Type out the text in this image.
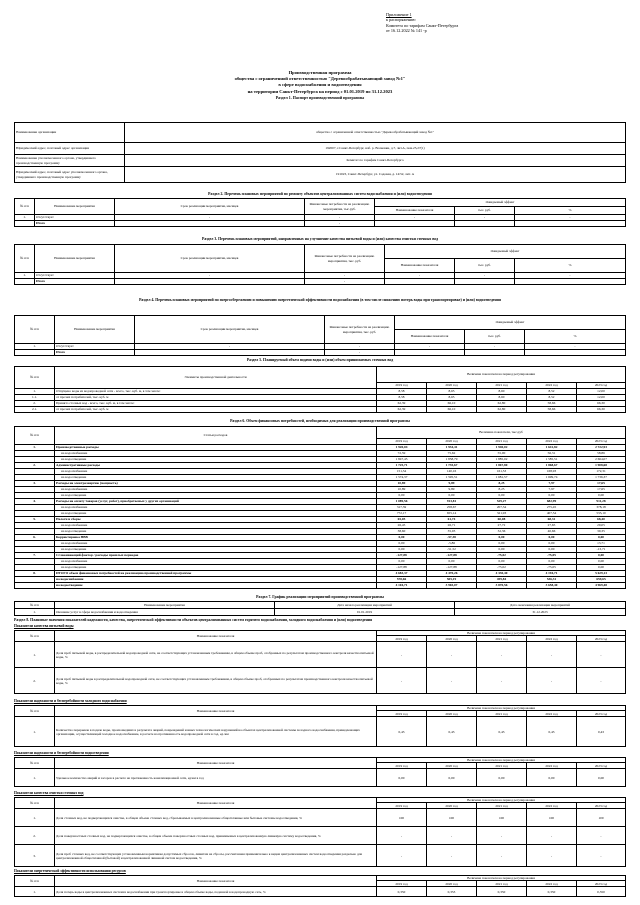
Приложение 1
к распоряжению
Комитета по тарифам Санкт-Петербурга
от 16.12.2022 № 141 -р
Производственная программа
общества с ограниченной ответственностью "Деревообрабатывающий завод №1"
в сфере водоснабжения и водоотведения
на территории Санкт-Петербурга на период с 01.01.2019 по 31.12.2023
Раздел 1. Паспорт производственной программы
Наименование организации	общество с ограниченной ответственностью "Деревообрабатывающий завод №1"
Юридический адрес, почтовый адрес организации	192007, г.Санкт-Петербург, наб. р. Волковки, д.7, лит.А, пом.25,27(1)
Наименование уполномоченного органа, утвердившего производственную программу	Комитет по тарифам Санкт-Петербурга
Юридический адрес, почтовый адрес уполномоченного органа, утвердившего производственную программу	191023, Санкт-Петербург, ул. Садовая, д. 14/52, лит. А
Раздел 2. Перечень плановых мероприятий по ремонту объектов централизованных систем водоснабжения и (или) водоотведения
№ п/п	Наименование мероприятия	Срок реализации мероприятия, месяцев	Финансовые потребности на реализацию мероприятия, тыс.руб.	Ожидаемый эффект		
				Наименование показателя	тыс. руб.	%
1.	Отсутствует	-	-	-	-	-
	Итого		-			
Раздел 3. Перечень плановых мероприятий, направленных на улучшение качества питьевой воды и (или) качества очистки сточных вод
№ п/п	Наименование мероприятия	Срок реализации мероприятия, месяцев	Финансовые потребности на реализацию мероприятия, тыс. руб.	Ожидаемый эффект		
				Наименование показателя	тыс. руб.	%
1.	Отсутствует	-	-	-	-	-
	Итого		-			
Раздел 4. Перечень плановых мероприятий по энергосбережению и повышению энергетической эффективности водоснабжения (в том числе снижению потерь воды при транспортировке) и (или) водоотведения
№ п/п	Наименование мероприятия	Срок реализации мероприятия, месяцев	Финансовые потребности на реализацию мероприятия, тыс. руб.	Ожидаемый эффект		
				Наименование показателя	тыс. руб.	%
1.	Отсутствует	-	-	-	-	-
	Итого		-			
Раздел 5. Планируемый объем подачи воды и (или) объем принимаемых сточных вод
№ п/п	Элементы производственной деятельности	Величина показателя на период регулирования				
		2019 год	2020 год	2021 год	2022 год	2023 год
1.	Отпущено воды из водопроводной сети - всего, тыс. куб. м, в том числе:	8,58	8,65	8,60	8,52	12,00
1.1.	от прочих потребителей, тыс. куб. м	8,58	8,65	8,60	8,52	12,00
2.	Принято сточных вод - всего, тыс. куб. м, в том числе:	62,39	66,10	62,80	58,66	66,30
2.1.	от прочих потребителей, тыс. куб. м	62,39	66,10	62,80	58,66	66,30
Раздел 6. Объем финансовых потребностей, необходимых для реализации производственной программы
№ п/п	Статьи расходов	Величина показателя, тыс.руб				
		2019 год	2020 год	2021 год	2022 год	2023 год
1.	Производственные расходы	1 920,04	1 934,41	1 940,02	1 641,82	2 722,93
	на водоснабжение	72,59	75,62	55,00	56,31	58,86
	на водоотведение	1 847,45	1 858,79	1 885,02	1 585,51	2 664,07
2.	Административные расходы	1 725,71	1 735,67	1 867,80	1 868,67	1 908,68
	на водоснабжение	151,34	140,16	161,53	168,93	172,31
	на водоотведение	1 574,37	1 595,51	1 681,57	1 699,74	1 736,37
3.	Расходы на электроэнергию (мощность)	10,89	9,89	8,25	7,97	17,65
	на водоснабжение	10,89	9,89	8,25	7,97	17,65
	на водоотведение	0,00	0,00	0,00	0,00	0,00
4.	Расходы на оплату товаров (услуг, работ), приобретаемых у других организаций	1 089,56	913,81	529,27	682,99	911,28
	на водоснабжение	317,39	258,67	207,34	275,45	378,18
	на водоотведение	772,17	655,14	321,93	407,54	533,10
5.	Налоги и сборы	65,05	61,74	60,08	68,31	68,40
	на водоснабжение	26,45	26,71	27,72	27,65	29,05
	на водоотведение	38,60	35,03	32,36	40,66	39,35
6.	Корректировка НВВ	0,00	-57,38	0,00	0,00	0,00
	на водоснабжение	0,00	-5,86	0,00	0,00	13,71
	на водоотведение	0,00	-51,52	0,00	0,00	-13,71
7.	Сглаживающий фактор / расходы прошлых периодов	-127,88	-127,88	-75,02	-75,05	0,00
	на водоснабжение	0,00	0,00	0,00	0,00	0,00
	на водоотведение	-127,88	-127,88	-75,02	-75,05	0,00
8.	ИТОГО объем финансовых потребностей на реализацию производственной программы	4 683,37	4 470,26	4 330,40	4 194,71	5 629,13
	на водоснабжение	578,66	505,19	459,84	536,31	659,65
	на водоотведение	4 104,71	3 965,07	3 870,56	3 658,40	4 969,48
Раздел 7. График реализации мероприятий производственной программы
№ п/п	Наименование мероприятия	Дата начала реализации мероприятий	Дата окончания реализации мероприятий
1.	Оказание услуг в сфере водоснабжения и водоотведения	01.01.2019	31.12.2023
Раздел 8. Плановые значения показателей надежности, качества, энергетической эффективности объектов централизованных систем горячего водоснабжения, холодного водоснабжения и (или) водоотведения
Показатели качества питьевой воды
№ п/п	Наименование показателя	Величина показателя на период регулирования				
		2019 год	2020 год	2021 год	2022 год	2023 год
1.	Доля проб питьевой воды, в распределительной водопроводной сети, не соответствующих установленным требованиям, в общем объеме проб, отобранных по результатам производственного контроля качества питьевой воды, %	-	-	-	-	-
2.	Доля проб питьевой воды в распределительной водопроводной сети, не соответствующих установленным требованиям, в общем объеме проб, отобранных по результатам производственного контроля качества питьевой воды, %	-	-	-	-	-
Показатели надежности и бесперебойности холодного водоснабжения
№ п/п	Наименование показателя	Величина показателя на период регулирования				
		2019 год	2020 год	2021 год	2022 год	2023 год
1.	Количество перерывов в подаче воды, произошедших в результате аварий, повреждений и иных технологических нарушений на объектах централизованной системы холодного водоснабжения, принадлежащих организации, осуществляющей холодное водоснабжение, в расчете на протяженность водопроводной сети в год, ед./км	0,43	0,43	0,43	0,43	0,43
Показатели надежности и бесперебойности водоотведения
№ п/п	Наименование показателя	Величина показателя на период регулирования				
		2019 год	2020 год	2021 год	2022 год	2023 год
1.	Удельное количество аварий и засоров в расчете на протяженность канализационной сети, ед/км в год	0,00	0,00	0,00	0,00	0,00
Показатели качества очистки сточных вод
№ п/п	Наименование показателя	Величина показателя на период регулирования				
		2019 год	2020 год	2021 год	2022 год	2023 год
1.	Доля сточных вод, не подвергающихся очистке, в общем объеме сточных вод, сбрасываемых в централизованные общесплавные или бытовые системы водоотведения, %	100	100	100	100	100
2.	Доля поверхностных сточных вод, не подвергающихся очистке, в общем объеме поверхностных сточных вод, принимаемых в централизованную ливневую систему водоотведения, %	-	-	-	-	-
3.	Доля проб сточных вод, не соответствующих установленным нормативам допустимых сбросов, лимитам на сбросы, рассчитанная применительно к видам централизованных систем водоотведения раздельно для централизованной общесплавной (бытовой) и централизованной ливневой систем водоотведения, %	-	-	-	-	-
Показатели энергетической эффективности использования ресурсов
№ п/п	Наименование показателя	Величина показателя на период регулирования				
		2019 год	2020 год	2021 год	2022 год	2023 год
1.	Доля потерь воды в централизованных системах водоснабжения при транспортировке в общем объеме воды, поданной в водопроводную сеть, %	0,350	0,353	0,350	0,350	0,350
